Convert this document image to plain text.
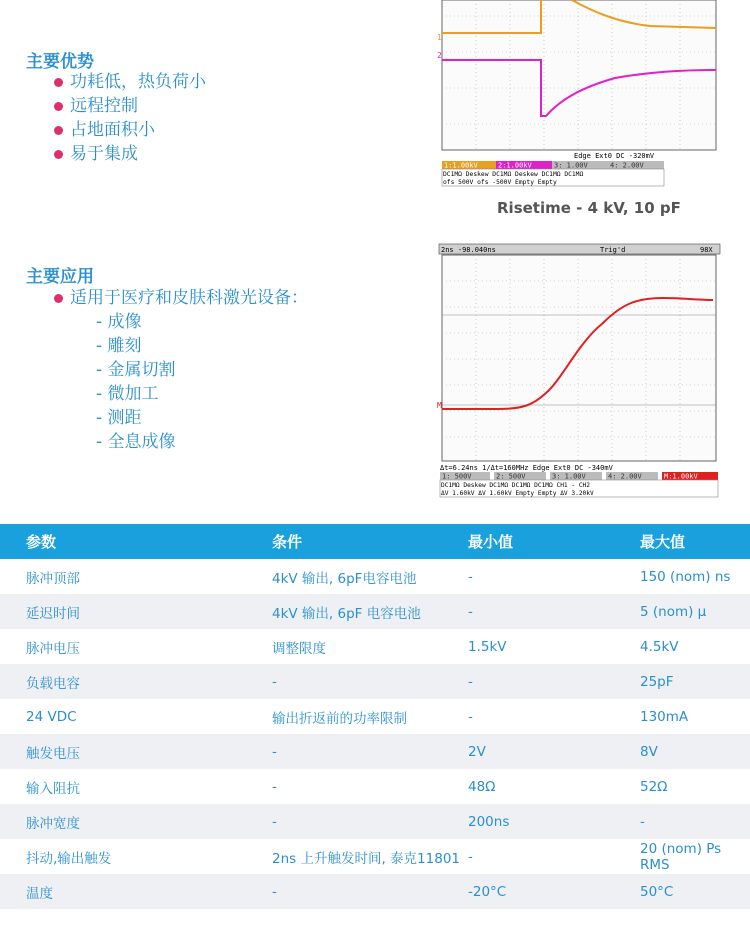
主要优势
功耗低，热负荷小
远程控制
占地面积小
易于集成
主要应用
适用于医疗和皮肤科激光设备：
- 成像
- 雕刻
- 金属切割
- 微加工
- 测距
- 全息成像
1
2
Edge Ext0 DC -320mV
1:1.00kV	2:1.00kV	3: 1.00V	4: 2.00V
DC1MΩ Deskew DC1MΩ Deskew DC1MΩ DC1MΩ
ofs 500V ofs -500V Empty Empty
Risetime - 4 kV, 10 pF
2ns -98.040ns	Trig'd	98X
M
Δt=6.24ns 1/Δt=160MHz Edge Ext0 DC -340mV
1: 500V	2: 500V	3: 1.00V	4: 2.00V	M:1.00kV
DC1MΩ Deskew DC1MΩ DC1MΩ DC1MΩ CH1 - CH2
ΔV 1.60kV ΔV 1.60kV Empty Empty ΔV 3.20kV
参数	条件	最小值	最大值
脉冲顶部	4kV 输出, 6pF电容电池	-	150 (nom) ns
延迟时间	4kV 输出, 6pF 电容电池	-	5 (nom) μ
脉冲电压	调整限度	1.5kV	4.5kV
负载电容	-	-	25pF
24 VDC	输出折返前的功率限制	-	130mA
触发电压	-	2V	8V
输入阻抗	-	48Ω	52Ω
脉冲宽度	-	200ns	-
抖动,输出触发	2ns 上升触发时间, 泰克11801	-	20 (nom) Ps RMS
温度	-	-20°C	50°C
